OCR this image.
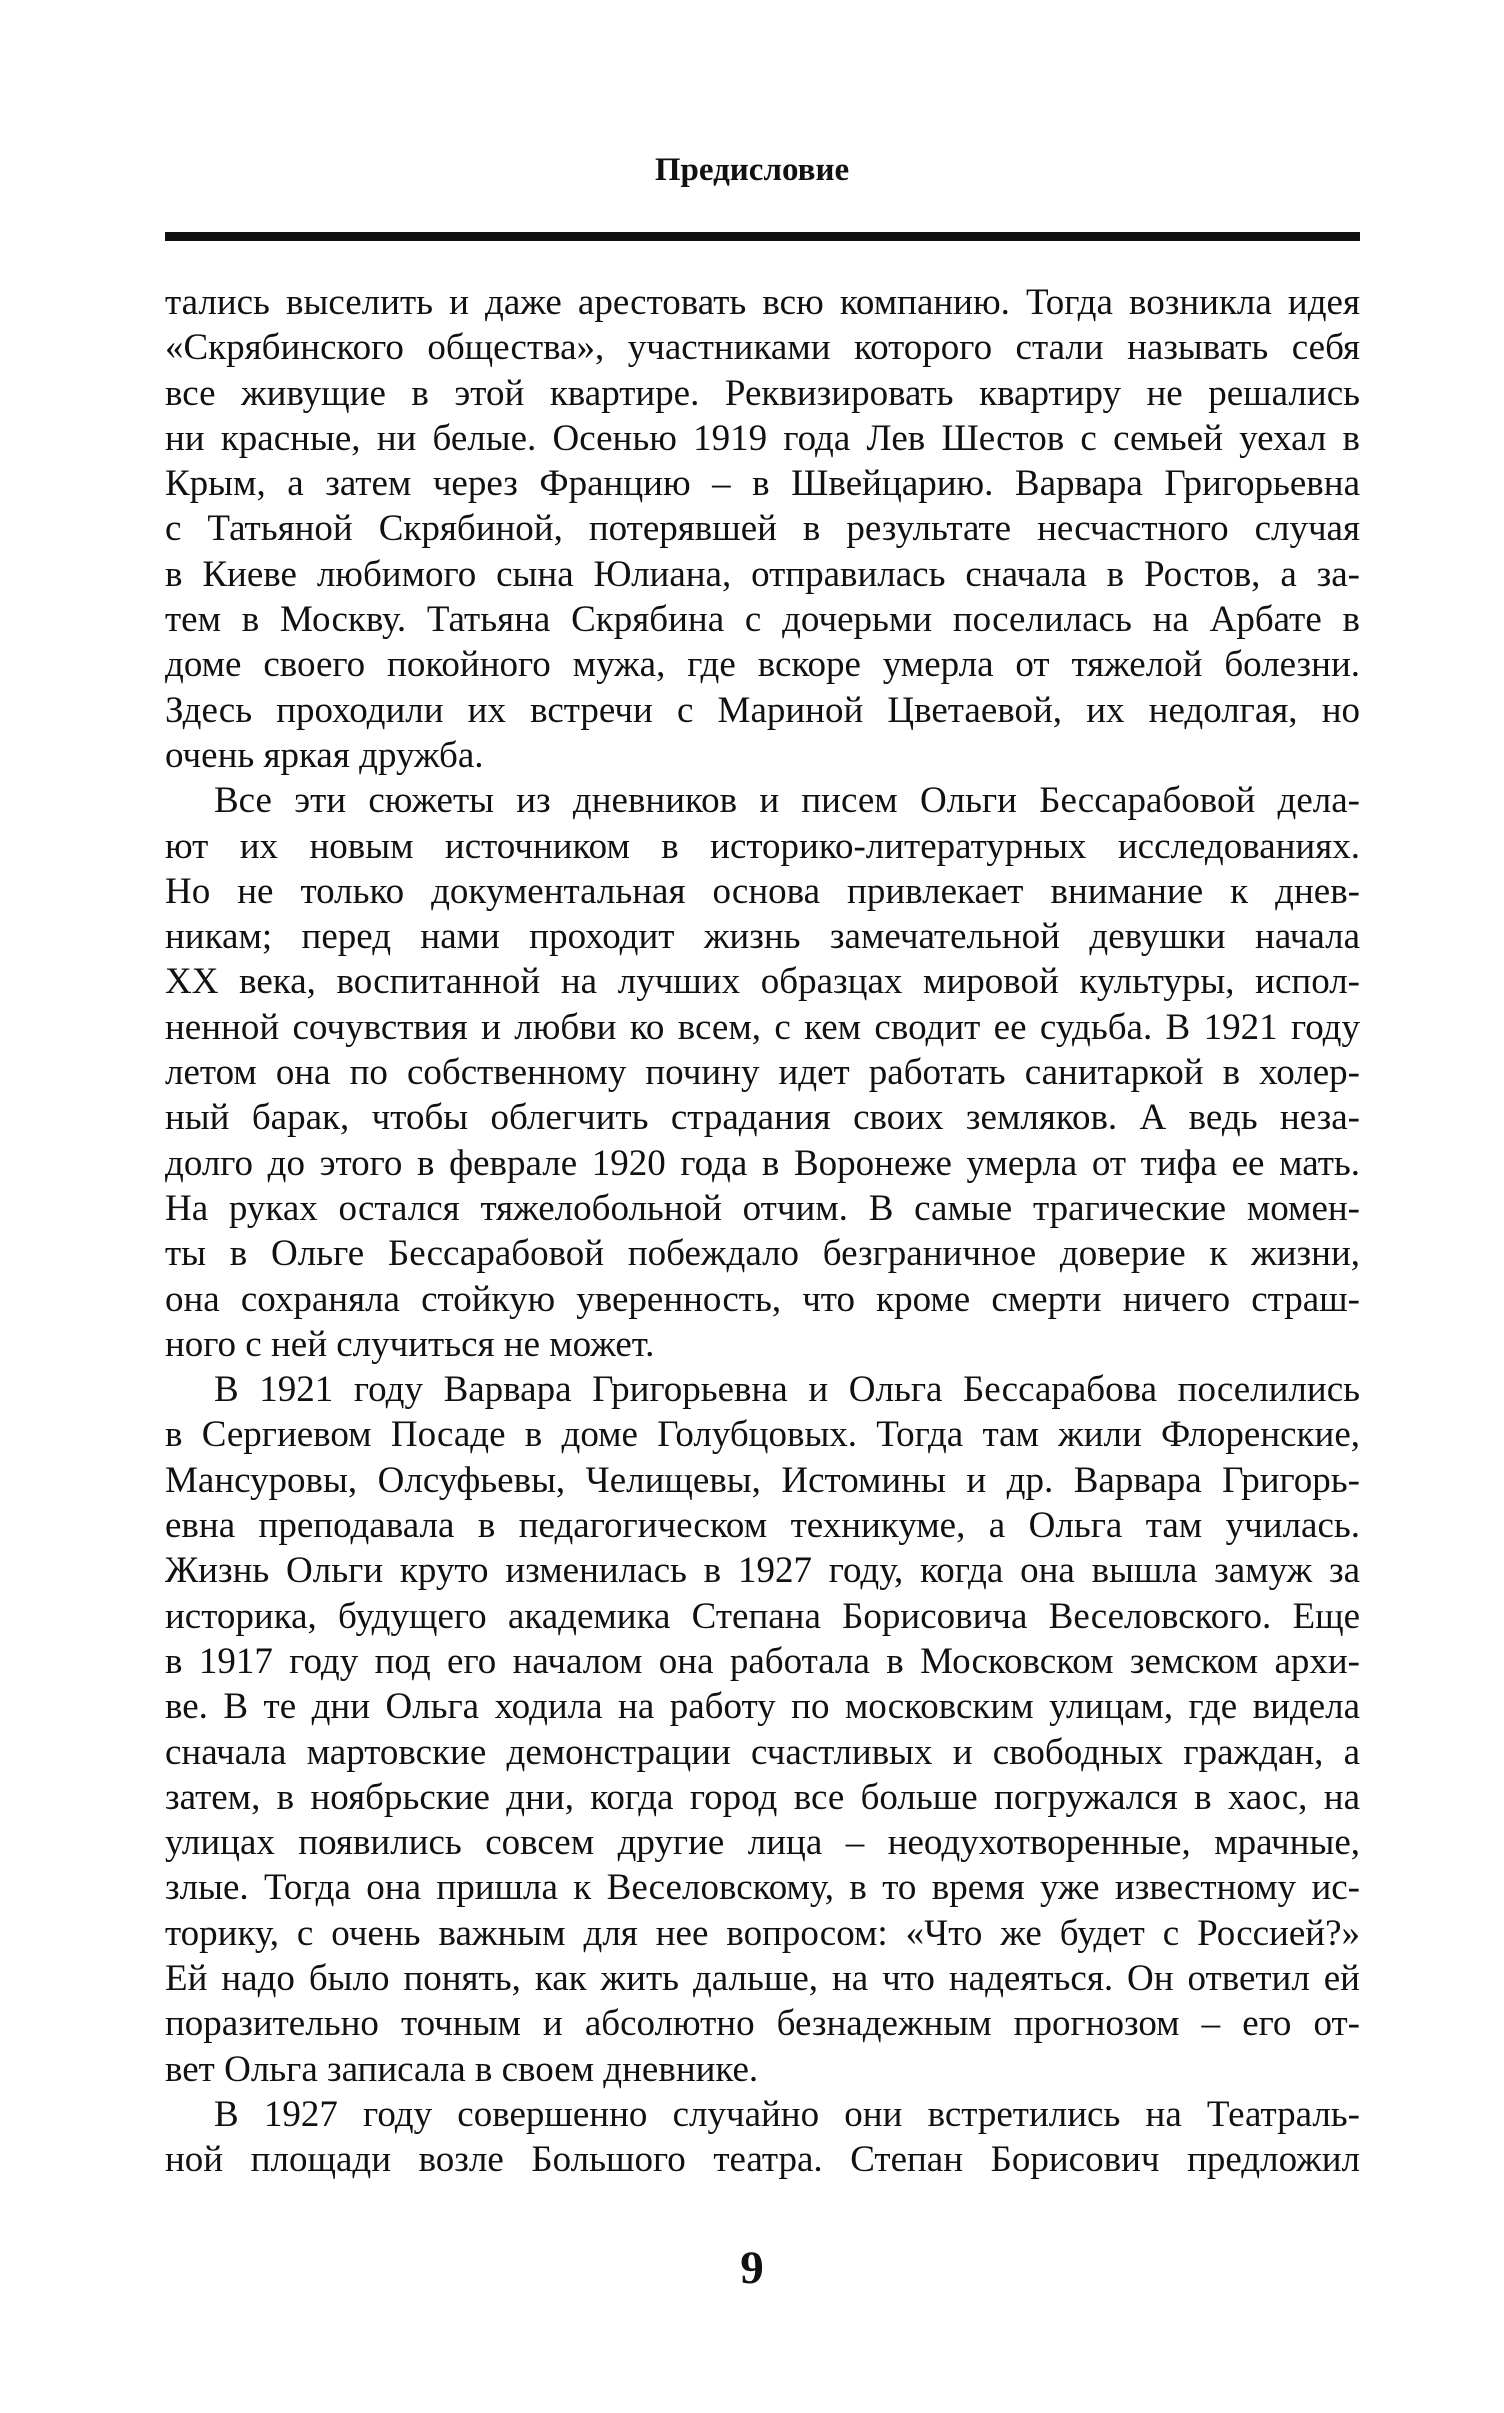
Предисловие
тались выселить и даже арестовать всю компанию. Тогда возникла идея
«Скрябинского общества», участниками которого стали называть себя
все живущие в этой квартире. Реквизировать квартиру не решались
ни красные, ни белые. Осенью 1919 года Лев Шестов с семьей уехал в
Крым, а затем через Францию – в Швейцарию. Варвара Григорьевна
с Татьяной Скрябиной, потерявшей в результате несчастного случая
в Киеве любимого сына Юлиана, отправилась сначала в Ростов, а за-
тем в Москву. Татьяна Скрябина с дочерьми поселилась на Арбате в
доме своего покойного мужа, где вскоре умерла от тяжелой болезни.
Здесь проходили их встречи с Мариной Цветаевой, их недолгая, но
очень яркая дружба.
Все эти сюжеты из дневников и писем Ольги Бессарабовой дела-
ют их новым источником в историко-литературных исследованиях.
Но не только документальная основа привлекает внимание к днев-
никам; перед нами проходит жизнь замечательной девушки начала
XX века, воспитанной на лучших образцах мировой культуры, испол-
ненной сочувствия и любви ко всем, с кем сводит ее судьба. В 1921 году
летом она по собственному почину идет работать санитаркой в холер-
ный барак, чтобы облегчить страдания своих земляков. А ведь неза-
долго до этого в феврале 1920 года в Воронеже умерла от тифа ее мать.
На руках остался тяжелобольной отчим. В самые трагические момен-
ты в Ольге Бессарабовой побеждало безграничное доверие к жизни,
она сохраняла стойкую уверенность, что кроме смерти ничего страш-
ного с ней случиться не может.
В 1921 году Варвара Григорьевна и Ольга Бессарабова поселились
в Сергиевом Посаде в доме Голубцовых. Тогда там жили Флоренские,
Мансуровы, Олсуфьевы, Челищевы, Истомины и др. Варвара Григорь-
евна преподавала в педагогическом техникуме, а Ольга там училась.
Жизнь Ольги круто изменилась в 1927 году, когда она вышла замуж за
историка, будущего академика Степана Борисовича Веселовского. Еще
в 1917 году под его началом она работала в Московском земском архи-
ве. В те дни Ольга ходила на работу по московским улицам, где видела
сначала мартовские демонстрации счастливых и свободных граждан, а
затем, в ноябрьские дни, когда город все больше погружался в хаос, на
улицах появились совсем другие лица – неодухотворенные, мрачные,
злые. Тогда она пришла к Веселовскому, в то время уже известному ис-
торику, с очень важным для нее вопросом: «Что же будет с Россией?»
Ей надо было понять, как жить дальше, на что надеяться. Он ответил ей
поразительно точным и абсолютно безнадежным прогнозом – его от-
вет Ольга записала в своем дневнике.
В 1927 году совершенно случайно они встретились на Театраль-
ной площади возле Большого театра. Степан Борисович предложил
9
